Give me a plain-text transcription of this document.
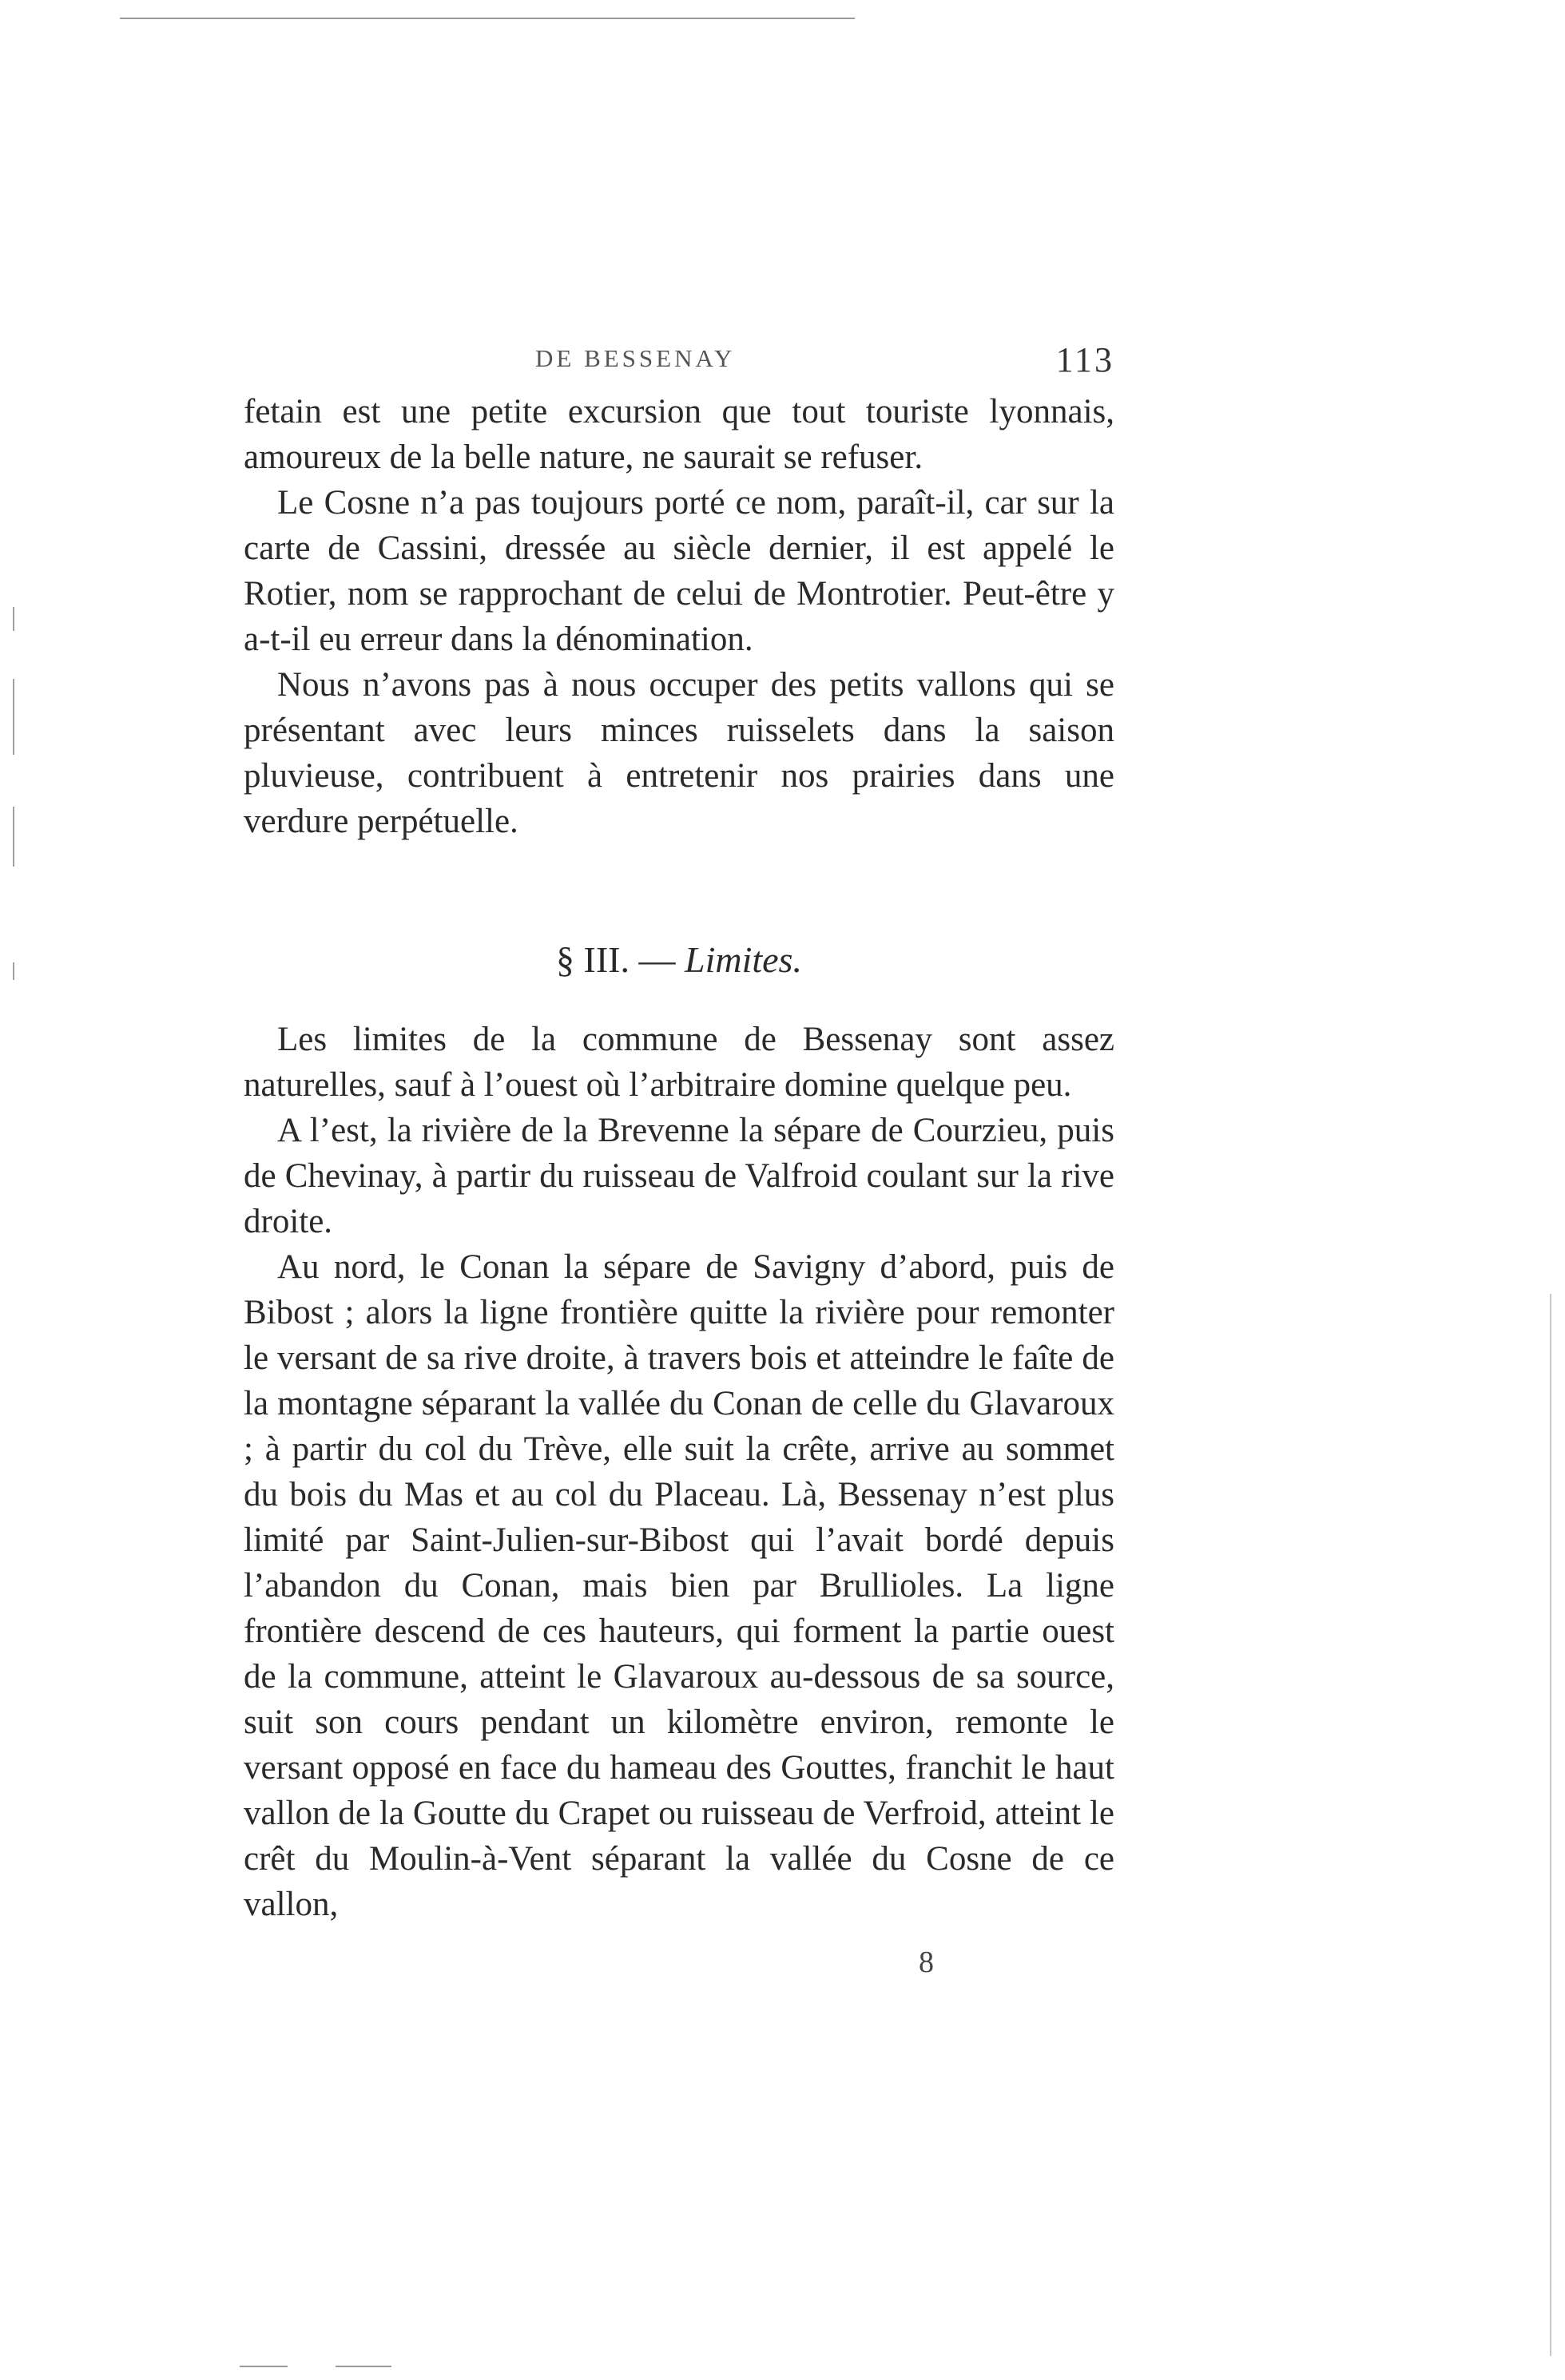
DE BESSENAY	113

fetain est une petite excursion que tout touriste lyonnais, amoureux de la belle nature, ne saurait se refuser.

Le Cosne n’a pas toujours porté ce nom, paraît-il, car sur la carte de Cassini, dressée au siècle dernier, il est appelé le Rotier, nom se rapprochant de celui de Montrotier. Peut-être y a-t-il eu erreur dans la dénomination.

Nous n’avons pas à nous occuper des petits vallons qui se présentant avec leurs minces ruisselets dans la saison pluvieuse, contribuent à entretenir nos prairies dans une verdure perpétuelle.

§ III. — Limites.

Les limites de la commune de Bessenay sont assez naturelles, sauf à l’ouest où l’arbitraire domine quelque peu.

A l’est, la rivière de la Brevenne la sépare de Courzieu, puis de Chevinay, à partir du ruisseau de Valfroid coulant sur la rive droite.

Au nord, le Conan la sépare de Savigny d’abord, puis de Bibost ; alors la ligne frontière quitte la rivière pour remonter le versant de sa rive droite, à travers bois et atteindre le faîte de la montagne séparant la vallée du Conan de celle du Glavaroux ; à partir du col du Trève, elle suit la crête, arrive au sommet du bois du Mas et au col du Placeau. Là, Bessenay n’est plus limité par Saint-Julien-sur-Bibost qui l’avait bordé depuis l’abandon du Conan, mais bien par Brullioles. La ligne frontière descend de ces hauteurs, qui forment la partie ouest de la commune, atteint le Glavaroux au-dessous de sa source, suit son cours pendant un kilomètre environ, remonte le versant opposé en face du hameau des Gouttes, franchit le haut vallon de la Goutte du Crapet ou ruisseau de Verfroid, atteint le crêt du Moulin-à-Vent séparant la vallée du Cosne de ce vallon,

8
